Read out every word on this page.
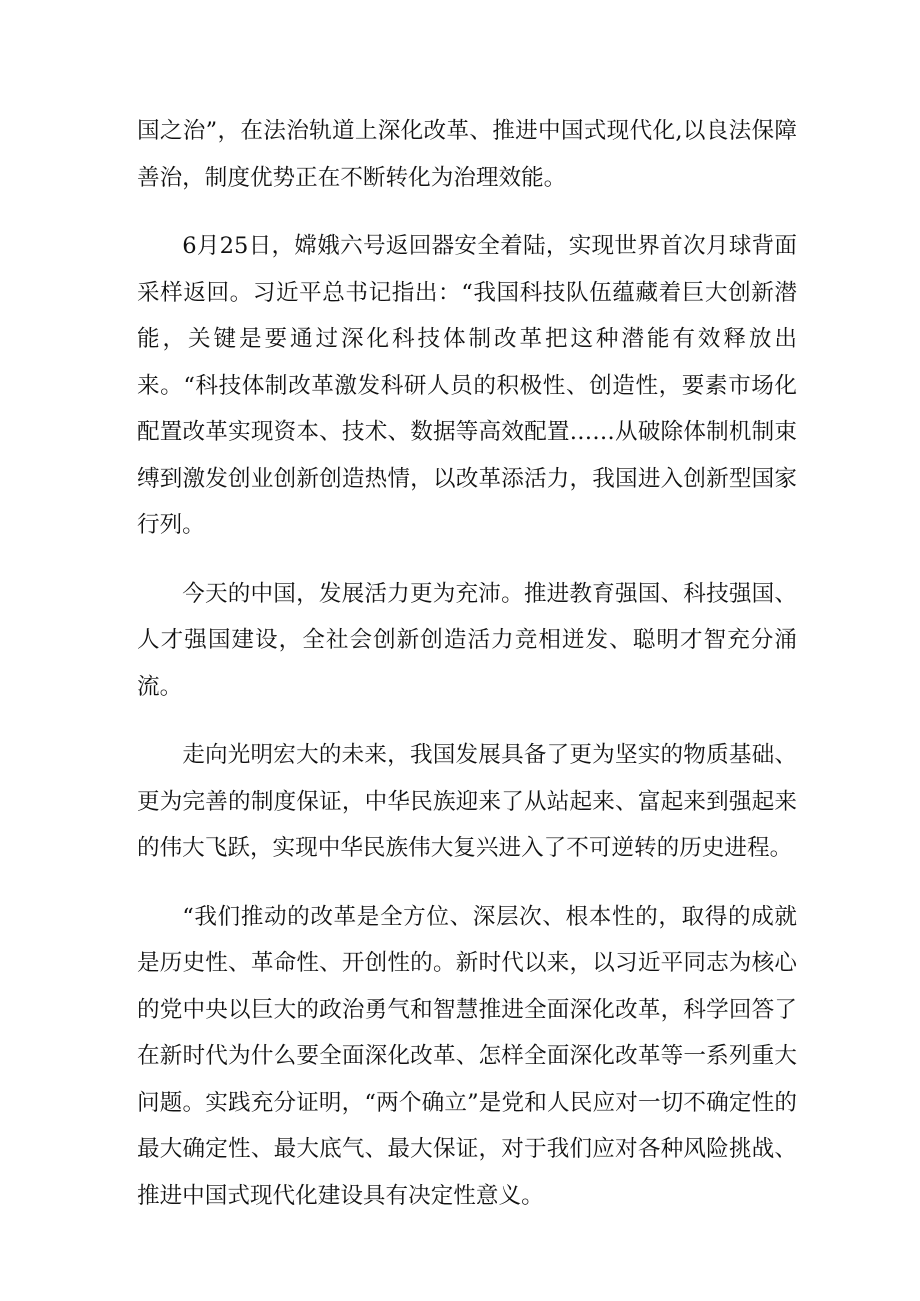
国之治”，在法治轨道上深化改革、推进中国式现代化,以良法保障善治，制度优势正在不断转化为治理效能。

6月25日，嫦娥六号返回器安全着陆，实现世界首次月球背面采样返回。习近平总书记指出：“我国科技队伍蕴藏着巨大创新潜能，关键是要通过深化科技体制改革把这种潜能有效释放出来。“科技体制改革激发科研人员的积极性、创造性，要素市场化配置改革实现资本、技术、数据等高效配置……从破除体制机制束缚到激发创业创新创造热情，以改革添活力，我国进入创新型国家行列。

今天的中国，发展活力更为充沛。推进教育强国、科技强国、人才强国建设，全社会创新创造活力竞相迸发、聪明才智充分涌流。

走向光明宏大的未来，我国发展具备了更为坚实的物质基础、更为完善的制度保证，中华民族迎来了从站起来、富起来到强起来的伟大飞跃，实现中华民族伟大复兴进入了不可逆转的历史进程。

“我们推动的改革是全方位、深层次、根本性的，取得的成就是历史性、革命性、开创性的。新时代以来，以习近平同志为核心的党中央以巨大的政治勇气和智慧推进全面深化改革，科学回答了在新时代为什么要全面深化改革、怎样全面深化改革等一系列重大问题。实践充分证明，“两个确立”是党和人民应对一切不确定性的最大确定性、最大底气、最大保证，对于我们应对各种风险挑战、推进中国式现代化建设具有决定性意义。
